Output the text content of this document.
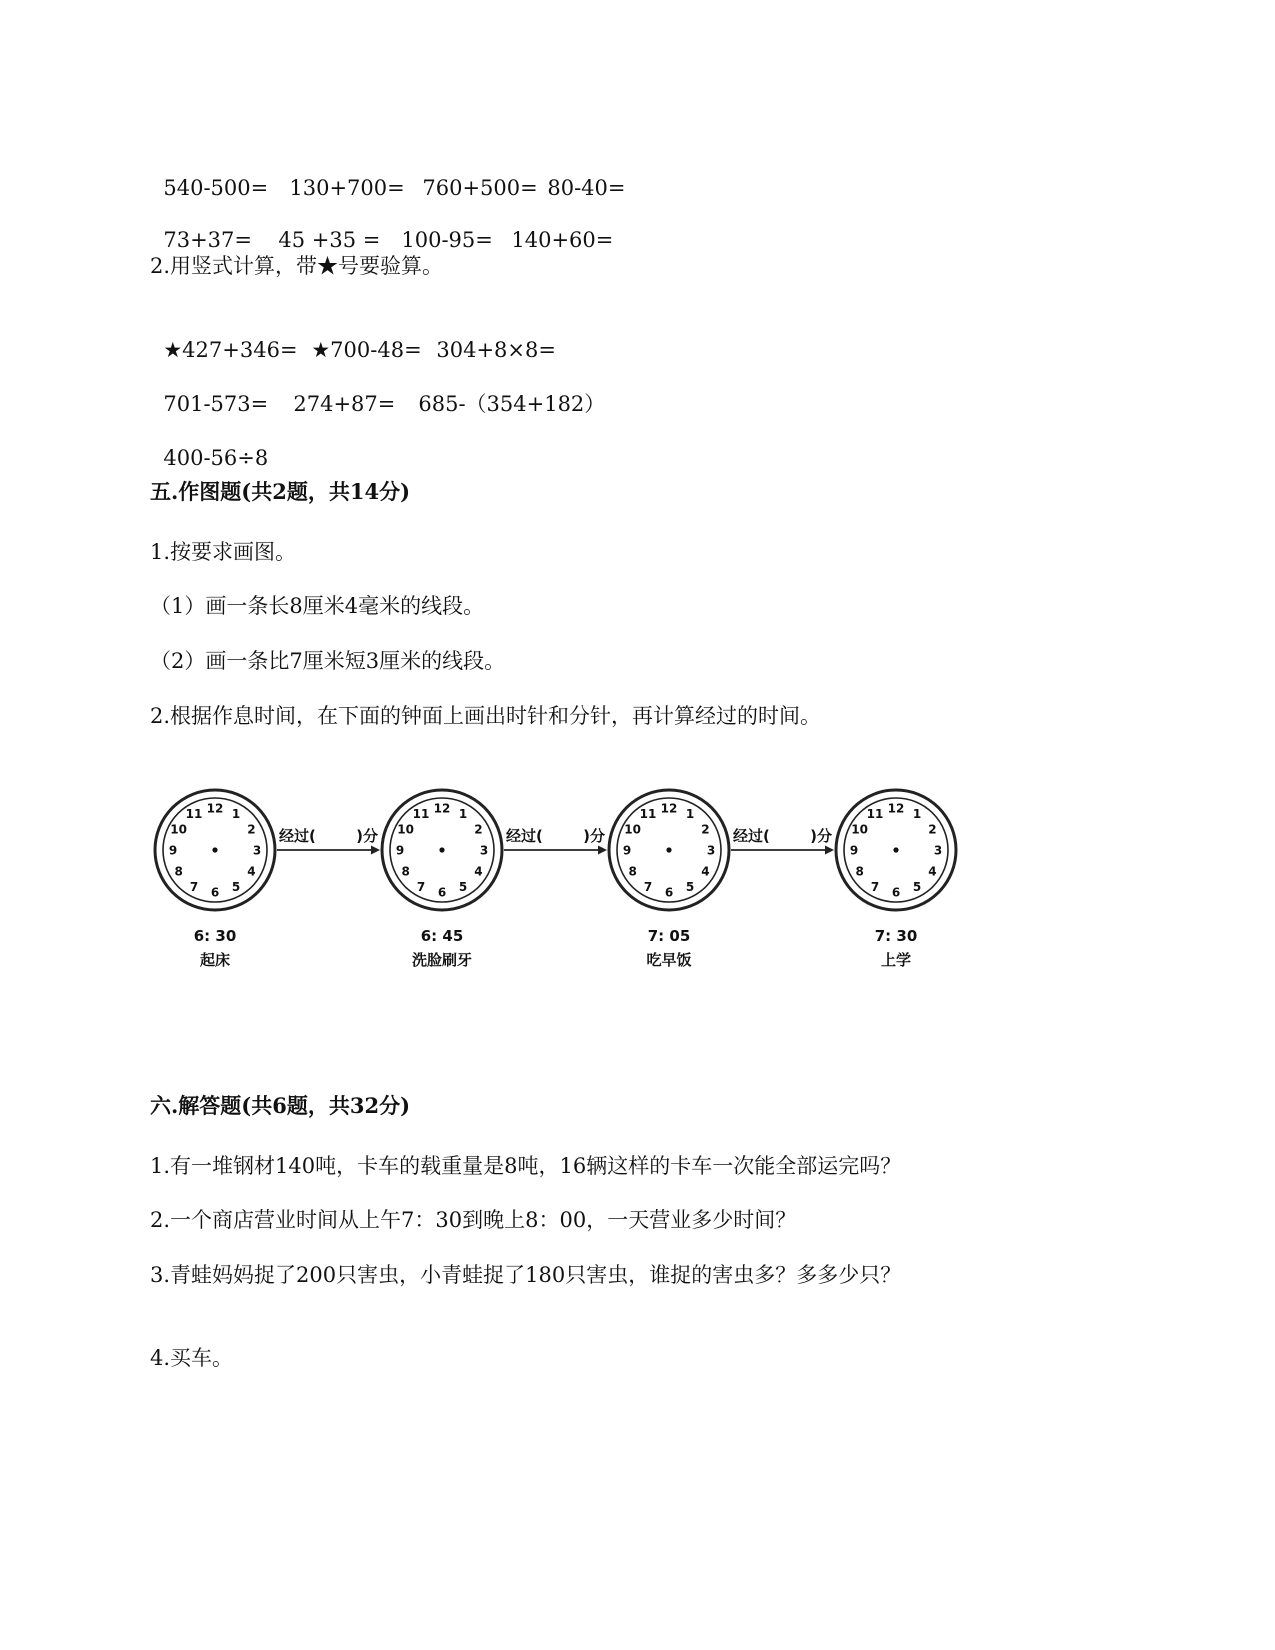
540-500= 130+700= 760+500= 80-40=

73+37= 45 +35 = 100-95= 140+60=

2.用竖式计算，带★号要验算。

★427+346= ★700-48= 304+8×8=

701-573= 274+87= 685-（354+182）

400-56÷8

五.作图题(共2题，共14分)
1.按要求画图。
（1）画一条长8厘米4毫米的线段。
（2）画一条比7厘米短3厘米的线段。
2.根据作息时间，在下面的钟面上画出时针和分针，再计算经过的时间。
12 1
2
3
4
5
6
7
8
9
10
11
6: 30
起床
12 1
2
3
4
5
6
7
8
9
10
11
6: 45
洗脸刷牙
12 1
2
3
4
5
6
7
8
9
10
11
7: 05
吃早饭
12 1
2
3
4
5
6
7
8
9
10
11
7: 30
上学
经过(	)分	经过(	)分	经过(	)分
六.解答题(共6题，共32分)
1.有一堆钢材140吨，卡车的载重量是8吨，16辆这样的卡车一次能全部运完吗？
2.一个商店营业时间从上午7：30到晚上8：00，一天营业多少时间？
3.青蛙妈妈捉了200只害虫，小青蛙捉了180只害虫，谁捉的害虫多？多多少只？
4.买车。
